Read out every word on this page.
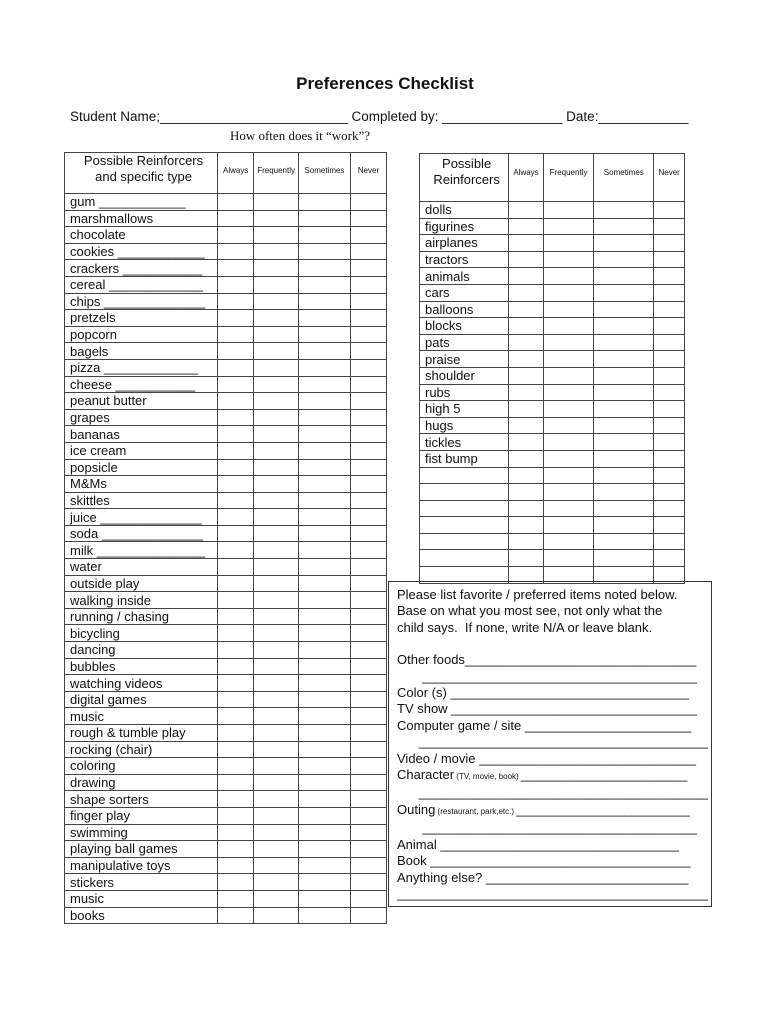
Preferences Checklist
Student Name;_________________________ Completed by: ________________ Date:____________
How often does it “work”?
Possible Reinforcers
and specific type	Always	Frequently	Sometimes	Never
gum ____________				
marshmallows				
chocolate				
cookies ____________				
crackers ___________				
cereal _____________				
chips ______________				
pretzels				
popcorn				
bagels				
pizza _____________				
cheese ___________				
peanut butter				
grapes				
bananas				
ice cream				
popsicle				
M&Ms				
skittles				
juice ______________				
soda ______________				
milk _______________				
water				
outside play				
walking inside				
running / chasing				
bicycling				
dancing				
bubbles				
watching videos				
digital games				
music				
rough & tumble play				
rocking (chair)				
coloring				
drawing				
shape sorters				
finger play				
swimming				
playing ball games				
manipulative toys				
stickers				
music				
books				
Possible
Reinforcers	Always	Frequently	Sometimes	Never
dolls				
figurines				
airplanes				
tractors				
animals				
cars				
balloons				
blocks				
pats				
praise				
shoulder				
rubs				
high 5				
hugs				
tickles				
fist bump				

Please list favorite / preferred items noted below.
Base on what you most see, not only what the
child says.  If none, write N/A or leave blank.
Other foods________________________________
______________________________________
Color (s) _________________________________
TV show __________________________________
Computer game / site _______________________
________________________________________
Video / movie ______________________________
Character (TV, movie, book) _______________________
________________________________________
Outing (restaurant, park,etc.) ________________________
______________________________________
Animal _________________________________
Book ____________________________________
Anything else? ____________________________
___________________________________________
